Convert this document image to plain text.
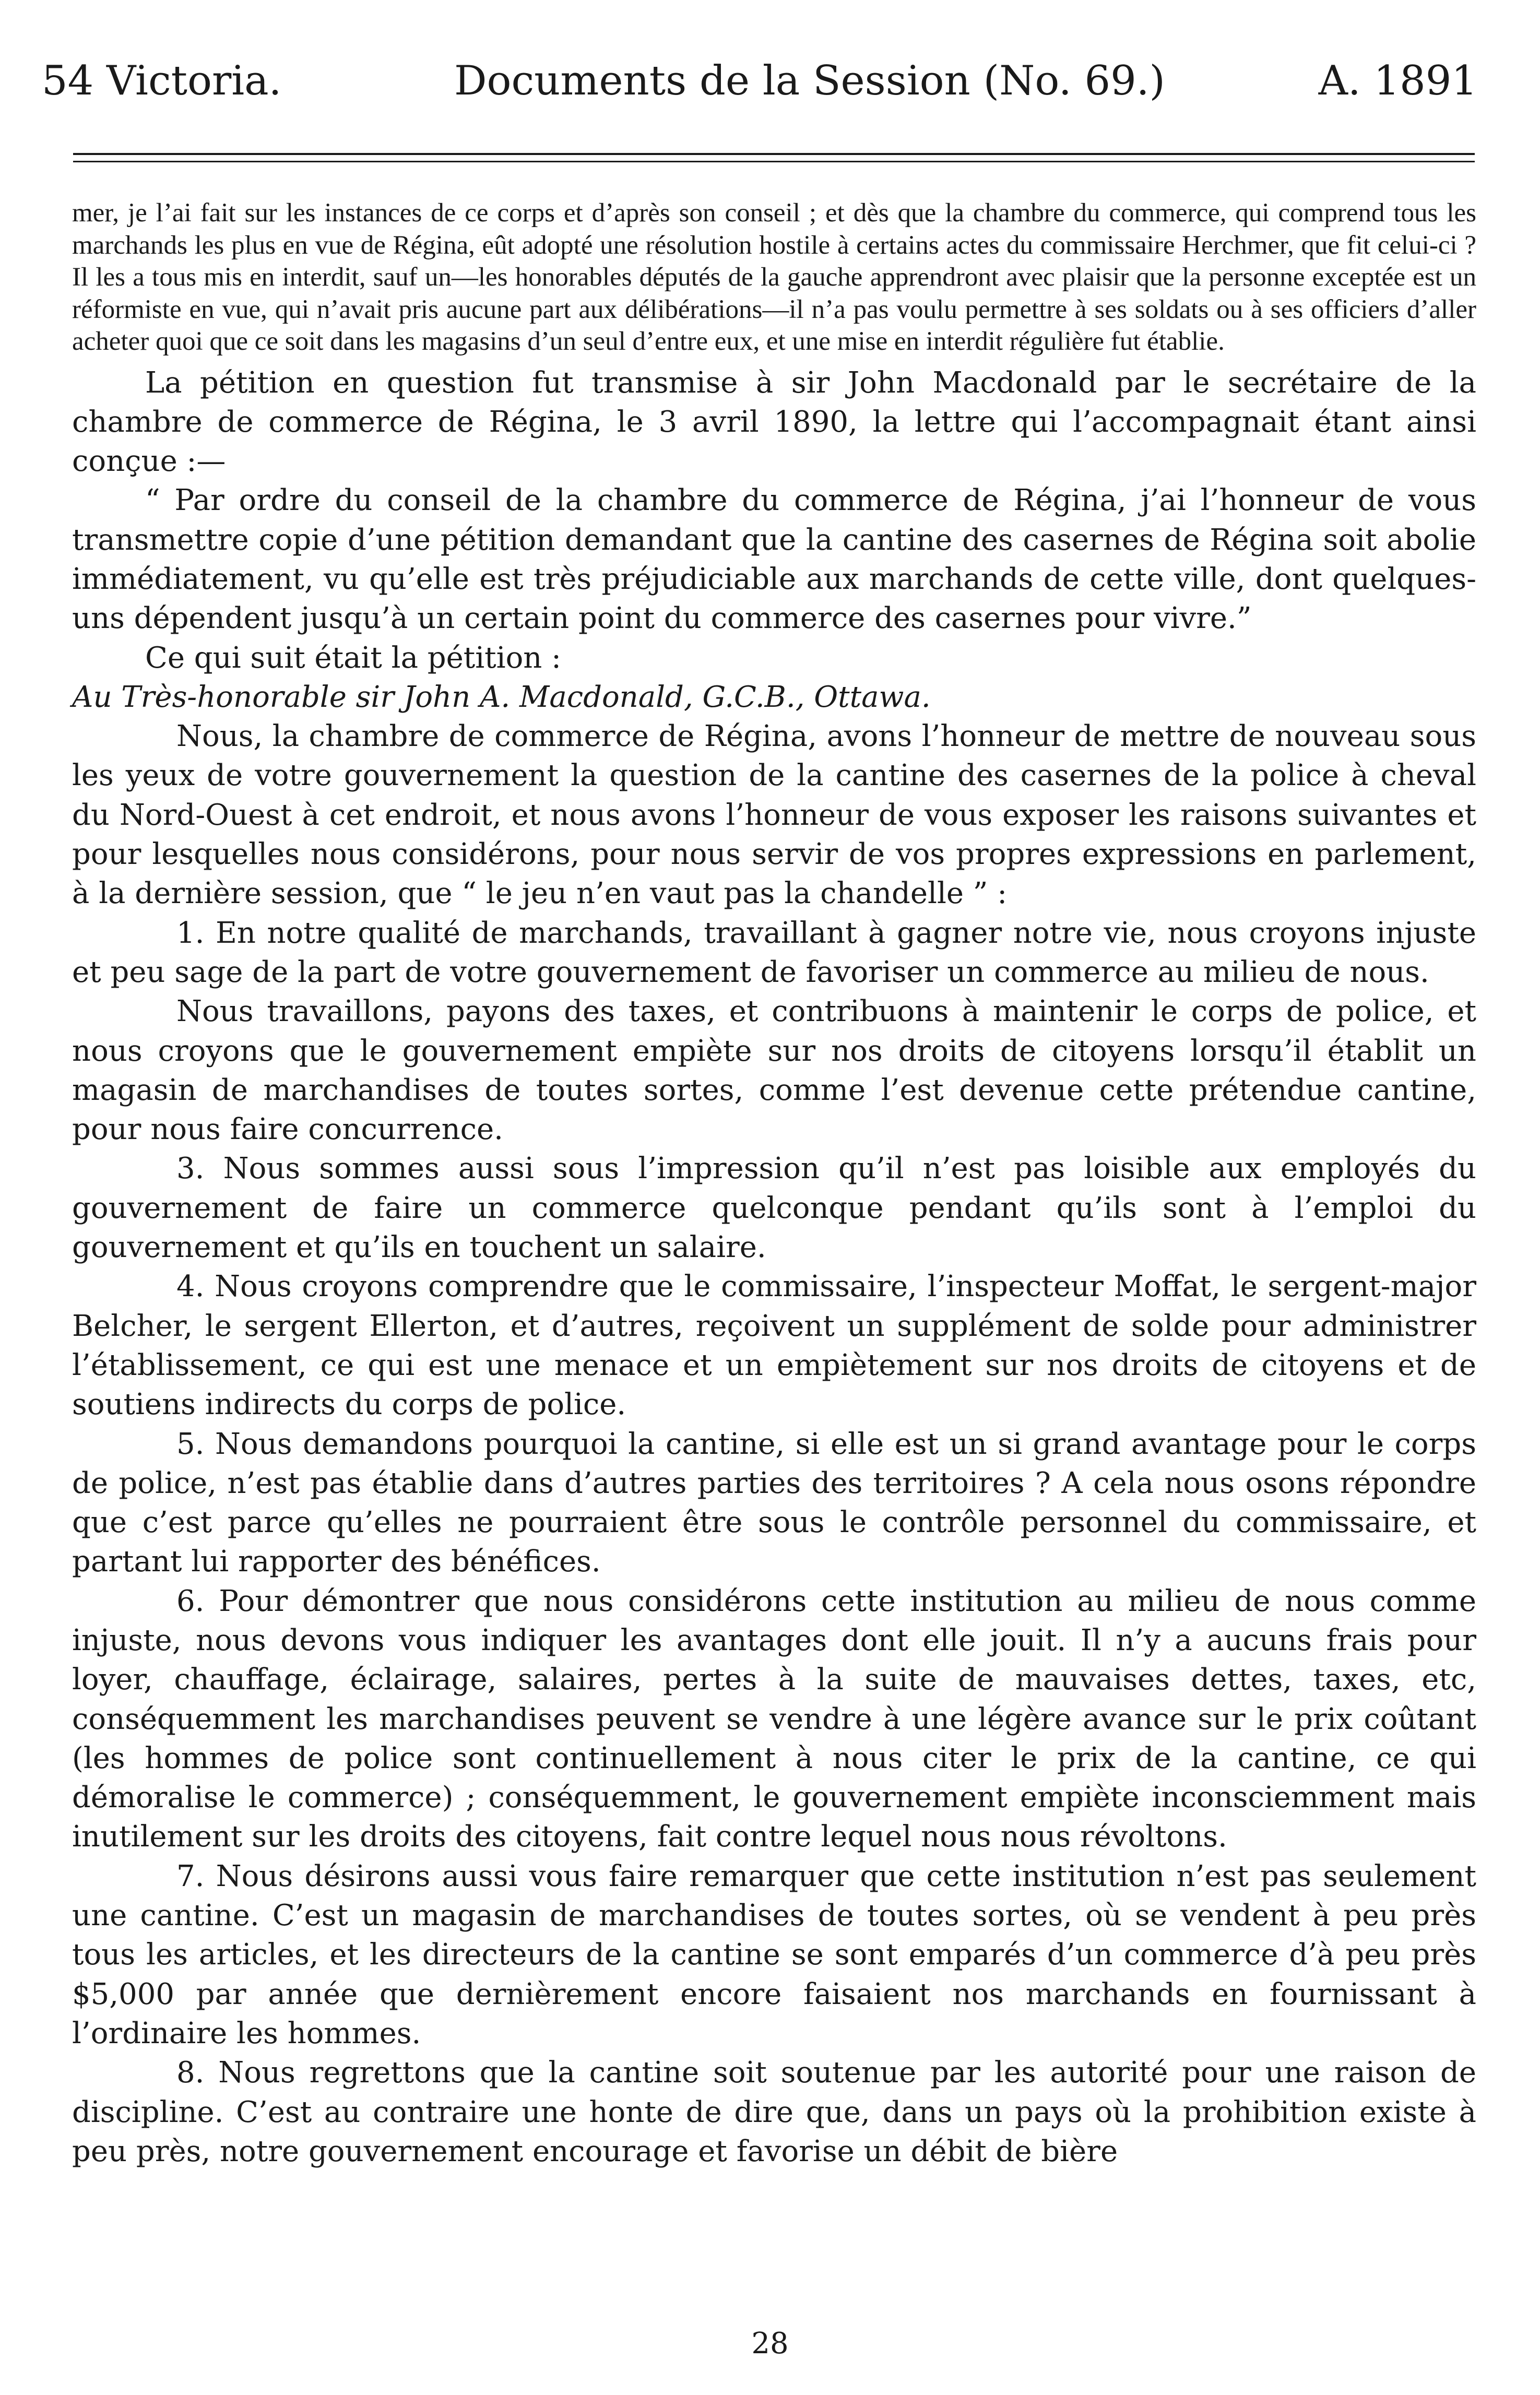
54 Victoria.	Documents de la Session (No. 69.)	A. 1891

mer, je l’ai fait sur les instances de ce corps et d’après son conseil ; et dès que la chambre du commerce, qui comprend tous les marchands les plus en vue de Régina, eût adopté une résolution hostile à certains actes du commissaire Herchmer, que fit celui-ci ? Il les a tous mis en interdit, sauf un—les honorables députés de la gauche apprendront avec plaisir que la personne exceptée est un réformiste en vue, qui n’avait pris aucune part aux délibérations—il n’a pas voulu permettre à ses soldats ou à ses officiers d’aller acheter quoi que ce soit dans les magasins d’un seul d’entre eux, et une mise en interdit régulière fut établie.

La pétition en question fut transmise à sir John Macdonald par le secrétaire de la chambre de commerce de Régina, le 3 avril 1890, la lettre qui l’accompagnait étant ainsi conçue :—

“ Par ordre du conseil de la chambre du commerce de Régina, j’ai l’honneur de vous transmettre copie d’une pétition demandant que la cantine des casernes de Régina soit abolie immédiatement, vu qu’elle est très préjudiciable aux marchands de cette ville, dont quelques-uns dépendent jusqu’à un certain point du commerce des casernes pour vivre.”

Ce qui suit était la pétition :

Au Très-honorable sir John A. Macdonald, G.C.B., Ottawa.

Nous, la chambre de commerce de Régina, avons l’honneur de mettre de nouveau sous les yeux de votre gouvernement la question de la cantine des casernes de la police à cheval du Nord-Ouest à cet endroit, et nous avons l’honneur de vous exposer les raisons suivantes et pour lesquelles nous considérons, pour nous servir de vos propres expressions en parlement, à la dernière session, que “ le jeu n’en vaut pas la chandelle ” :

1. En notre qualité de marchands, travaillant à gagner notre vie, nous croyons injuste et peu sage de la part de votre gouvernement de favoriser un commerce au milieu de nous.

Nous travaillons, payons des taxes, et contribuons à maintenir le corps de police, et nous croyons que le gouvernement empiète sur nos droits de citoyens lorsqu’il établit un magasin de marchandises de toutes sortes, comme l’est devenue cette prétendue cantine, pour nous faire concurrence.

3. Nous sommes aussi sous l’impression qu’il n’est pas loisible aux employés du gouvernement de faire un commerce quelconque pendant qu’ils sont à l’emploi du gouvernement et qu’ils en touchent un salaire.

4. Nous croyons comprendre que le commissaire, l’inspecteur Moffat, le sergent-major Belcher, le sergent Ellerton, et d’autres, reçoivent un supplément de solde pour administrer l’établissement, ce qui est une menace et un empiètement sur nos droits de citoyens et de soutiens indirects du corps de police.

5. Nous demandons pourquoi la cantine, si elle est un si grand avantage pour le corps de police, n’est pas établie dans d’autres parties des territoires ? A cela nous osons répondre que c’est parce qu’elles ne pourraient être sous le contrôle personnel du commissaire, et partant lui rapporter des bénéfices.

6. Pour démontrer que nous considérons cette institution au milieu de nous comme injuste, nous devons vous indiquer les avantages dont elle jouit. Il n’y a aucuns frais pour loyer, chauffage, éclairage, salaires, pertes à la suite de mauvaises dettes, taxes, etc, conséquemment les marchandises peuvent se vendre à une légère avance sur le prix coûtant (les hommes de police sont continuellement à nous citer le prix de la cantine, ce qui démoralise le commerce) ; conséquemment, le gouvernement empiète inconsciemment mais inutilement sur les droits des citoyens, fait contre lequel nous nous révoltons.

7. Nous désirons aussi vous faire remarquer que cette institution n’est pas seulement une cantine. C’est un magasin de marchandises de toutes sortes, où se vendent à peu près tous les articles, et les directeurs de la cantine se sont emparés d’un commerce d’à peu près $5,000 par année que dernièrement encore faisaient nos marchands en fournissant à l’ordinaire les hommes.

8. Nous regrettons que la cantine soit soutenue par les autorité pour une raison de discipline. C’est au contraire une honte de dire que, dans un pays où la prohibition existe à peu près, notre gouvernement encourage et favorise un débit de bière

28
